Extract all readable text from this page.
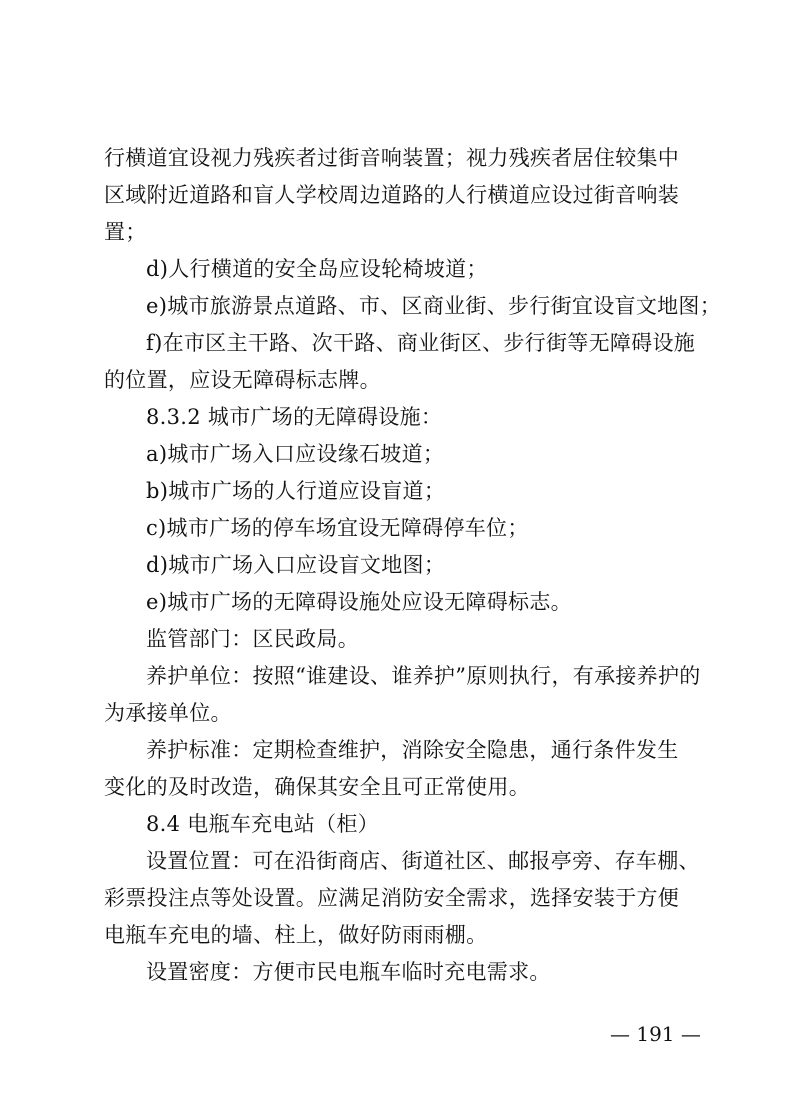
行横道宜设视力残疾者过街音响装置；视力残疾者居住较集中
区域附近道路和盲人学校周边道路的人行横道应设过街音响装
置；
d)人行横道的安全岛应设轮椅坡道；
e)城市旅游景点道路、市、区商业街、步行街宜设盲文地图；
f)在市区主干路、次干路、商业街区、步行街等无障碍设施
的位置，应设无障碍标志牌。
8.3.2 城市广场的无障碍设施：
a)城市广场入口应设缘石坡道；
b)城市广场的人行道应设盲道；
c)城市广场的停车场宜设无障碍停车位；
d)城市广场入口应设盲文地图；
e)城市广场的无障碍设施处应设无障碍标志。
监管部门：区民政局。
养护单位：按照“谁建设、谁养护”原则执行，有承接养护的
为承接单位。
养护标准：定期检查维护，消除安全隐患，通行条件发生
变化的及时改造，确保其安全且可正常使用。
8.4 电瓶车充电站（柜）
设置位置：可在沿街商店、街道社区、邮报亭旁、存车棚、
彩票投注点等处设置。应满足消防安全需求，选择安装于方便
电瓶车充电的墙、柱上，做好防雨雨棚。
设置密度：方便市民电瓶车临时充电需求。
— 191 —
